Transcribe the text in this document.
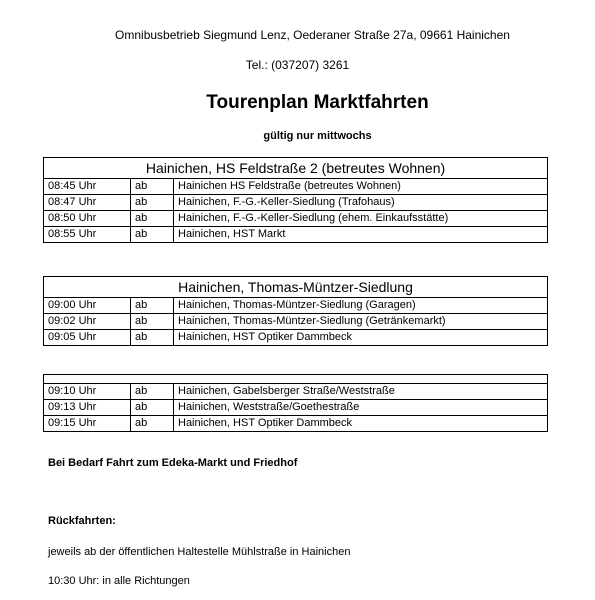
Omnibusbetrieb Siegmund Lenz, Oederaner Straße 27a, 09661 Hainichen
Tel.: (037207) 3261
Tourenplan Marktfahrten
gültig nur mittwochs
Hainichen, HS Feldstraße 2 (betreutes Wohnen)		
08:45 Uhr	ab	Hainichen HS Feldstraße (betreutes Wohnen)
08:47 Uhr	ab	Hainichen, F.-G.-Keller-Siedlung (Trafohaus)
08:50 Uhr	ab	Hainichen, F.-G.-Keller-Siedlung (ehem. Einkaufsstätte)
08:55 Uhr	ab	Hainichen, HST Markt
Hainichen, Thomas-Müntzer-Siedlung		
09:00 Uhr	ab	Hainichen, Thomas-Müntzer-Siedlung (Garagen)
09:02 Uhr	ab	Hainichen, Thomas-Müntzer-Siedlung (Getränkemarkt)
09:05 Uhr	ab	Hainichen, HST Optiker Dammbeck

09:10 Uhr	ab	Hainichen, Gabelsberger Straße/Weststraße
09:13 Uhr	ab	Hainichen, Weststraße/Goethestraße
09:15 Uhr	ab	Hainichen, HST Optiker Dammbeck
Bei Bedarf Fahrt zum Edeka-Markt und Friedhof
Rückfahrten:
jeweils ab der öffentlichen Haltestelle Mühlstraße in Hainichen
10:30 Uhr: in alle Richtungen
